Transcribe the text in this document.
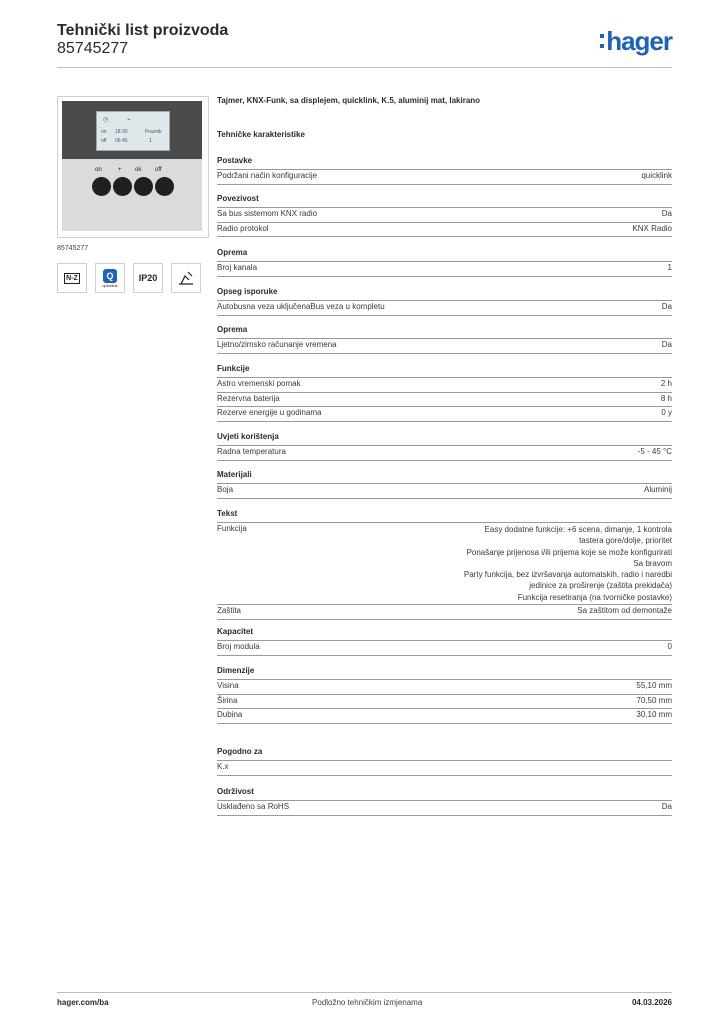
Tehnički list proizvoda
85745277	hager
◷	⌁
on
off
18:30
06:45
Praznik
1
on	+ ok off
85745277
N-Z	Q
quicklink
IP20
Tajmer, KNX-Funk, sa displejem, quicklink, K.5, aluminij mat, lakirano
Tehničke karakteristike
Postavke
Podržani način konfiguracije	quicklink
Povezivost
Sa bus sistemom KNX radio	Da
Radio protokol	KNX Radio
Oprema
Broj kanala	1
Opseg isporuke
Autobusna veza uključenaBus veza u kompletu	Da
Oprema
Ljetno/zimsko računanje vremena	Da
Funkcije
Astro vremenski pomak	2 h
Rezervna baterija	8 h
Rezerve energije u godinama	0 y
Uvjeti korištenja
Radna temperatura	-5 - 45 °C
Materijali
Boja	Aluminij
Tekst
Funkcija	Easy dodatne funkcije: +6 scena, dimanje, 1 kontrola
tastera gore/dolje, prioritet
Ponašanje prijenosa i/ili prijema koje se može konfigurirati
Sa bravom
Party funkcija, bez izvršavanja automatskih, radio i naredbi
jedinice za proširenje (zaštita prekidača)
Funkcija resetiranja (na tvorničke postavke)
Zaštita	Sa zaštitom od demontaže
Kapacitet
Broj modula	0
Dimenzije
Visina	55,10 mm
Širina	70,50 mm
Dubina	30,10 mm
Pogodno za
K.x
Održivost
Usklađeno sa RoHS	Da
hager.com/ba	Podložno tehničkim izmjenama	04.03.2026
